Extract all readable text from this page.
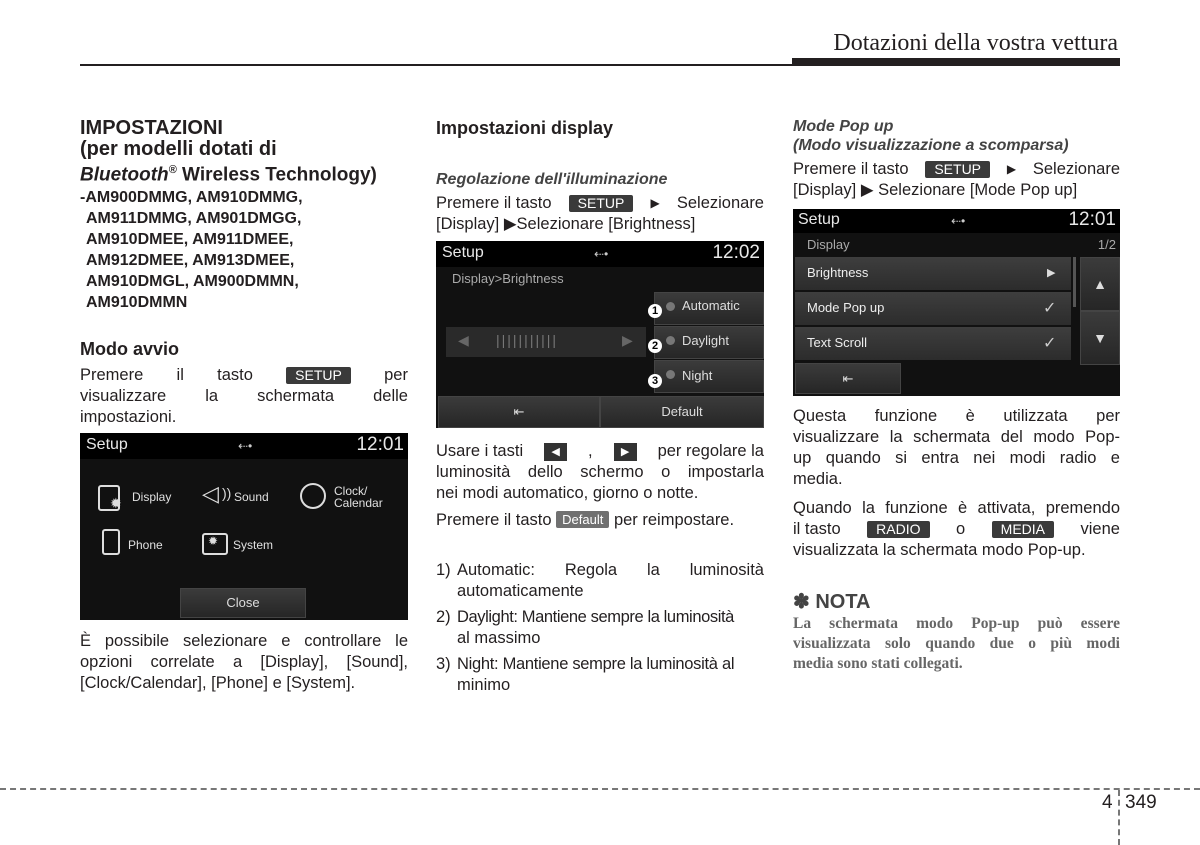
Dotazioni della vostra vettura
IMPOSTAZIONI
(per modelli dotati di
Bluetooth® Wireless Technology)
-AM900DMMG, AM910DMMG,
AM911DMMG, AM901DMGG,
AM910DMEE, AM911DMEE,
AM912DMEE, AM913DMEE,
AM910DMGL, AM900DMMN,
AM910DMMN
Modo avvio
Premere il tasto	SETUP	per
visualizzare la schermata delle
impostazioni.
Setup	⇠•	12:01
✹ Display ◁ )) Sound	Clock/
Calendar
Phone	✹ System
Close
È possibile selezionare e controllare le
opzioni correlate a [Display], [Sound],
[Clock/Calendar], [Phone] e [System].
Impostazioni display
Regolazione dell'illuminazione
Premere il tasto	SETUP	▶ Selezionare
[Display] ▶Selezionare [Brightness]
Setup	⇠•	12:02
Display>Brightness
◀ |||||||||||	▶
Automatic
1
Daylight
2
Night
3
⇤	Default
Usare i tasti	◀	,	▶	per regolare la
luminosità dello schermo o impostarla
nei modi automatico, giorno o notte.
Premere il tasto Default per reimpostare.
1) Automatic: Regola la luminosità
automaticamente
2) Daylight: Mantiene sempre la luminosità
al massimo
3) Night: Mantiene sempre la luminosità al
minimo
Mode Pop up
(Modo visualizzazione a scomparsa)
Premere il tasto	SETUP	▶ Selezionare
[Display] ▶ Selezionare [Mode Pop up]
Setup	⇠•	12:01
Display	1/2
Brightness	▶
Mode Pop up	✓
Text Scroll	✓
▲
▼
⇤
Questa funzione è utilizzata per
visualizzare la schermata del modo Pop-
up quando si entra nei modi radio e
media.
Quando la funzione è attivata, premendo
il tasto	RADIO	o	MEDIA	viene
visualizzata la schermata modo Pop-up.
✽ NOTA
La schermata modo Pop-up può essere
visualizzata solo quando due o più modi
media sono stati collegati.
4 349
